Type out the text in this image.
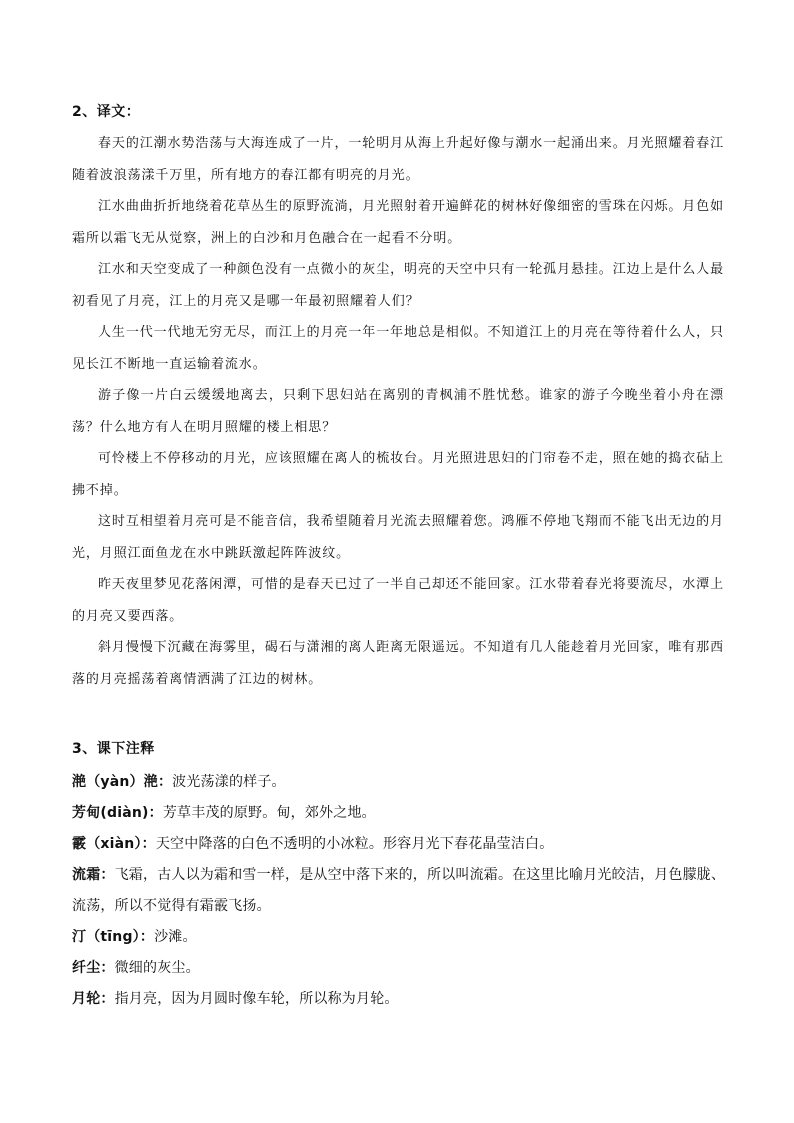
2、译文：

春天的江潮水势浩荡与大海连成了一片，一轮明月从海上升起好像与潮水一起涌出来。月光照耀着春江随着波浪荡漾千万里，所有地方的春江都有明亮的月光。

江水曲曲折折地绕着花草丛生的原野流淌，月光照射着开遍鲜花的树林好像细密的雪珠在闪烁。月色如霜所以霜飞无从觉察，洲上的白沙和月色融合在一起看不分明。

江水和天空变成了一种颜色没有一点微小的灰尘，明亮的天空中只有一轮孤月悬挂。江边上是什么人最初看见了月亮，江上的月亮又是哪一年最初照耀着人们？

人生一代一代地无穷无尽，而江上的月亮一年一年地总是相似。不知道江上的月亮在等待着什么人，只见长江不断地一直运输着流水。

游子像一片白云缓缓地离去，只剩下思妇站在离别的青枫浦不胜忧愁。谁家的游子今晚坐着小舟在漂荡？什么地方有人在明月照耀的楼上相思？

可怜楼上不停移动的月光，应该照耀在离人的梳妆台。月光照进思妇的门帘卷不走，照在她的捣衣砧上拂不掉。

这时互相望着月亮可是不能音信，我希望随着月光流去照耀着您。鸿雁不停地飞翔而不能飞出无边的月光，月照江面鱼龙在水中跳跃激起阵阵波纹。

昨天夜里梦见花落闲潭，可惜的是春天已过了一半自己却还不能回家。江水带着春光将要流尽，水潭上的月亮又要西落。

斜月慢慢下沉藏在海雾里，碣石与潇湘的离人距离无限遥远。不知道有几人能趁着月光回家，唯有那西落的月亮摇荡着离情洒满了江边的树林。

3、课下注释

滟（yàn）滟：波光荡漾的样子。

芳甸(diàn)：芳草丰茂的原野。甸，郊外之地。

霰（xiàn）：天空中降落的白色不透明的小冰粒。形容月光下春花晶莹洁白。

流霜：飞霜，古人以为霜和雪一样，是从空中落下来的，所以叫流霜。在这里比喻月光皎洁，月色朦胧、流荡，所以不觉得有霜霰飞扬。

汀（tīng）：沙滩。

纤尘：微细的灰尘。

月轮：指月亮，因为月圆时像车轮，所以称为月轮。
